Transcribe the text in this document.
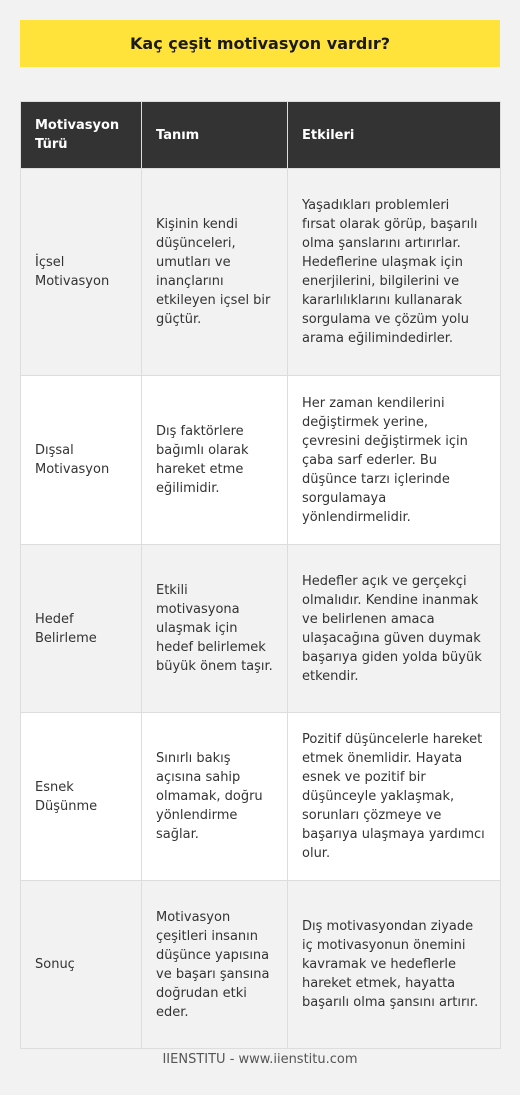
Kaç çeşit motivasyon vardır?
Motivasyon Türü	Tanım	Etkileri
İçsel Motivasyon	Kişinin kendi düşünceleri, umutları ve inançlarını etkileyen içsel bir güçtür.	Yaşadıkları problemleri fırsat olarak görüp, başarılı olma şanslarını artırırlar. Hedeflerine ulaşmak için enerjilerini, bilgilerini ve kararlılıklarını kullanarak sorgulama ve çözüm yolu arama eğilimindedirler.
Dışsal Motivasyon	Dış faktörlere bağımlı olarak hareket etme eğilimidir.	Her zaman kendilerini değiştirmek yerine, çevresini değiştirmek için çaba sarf ederler. Bu düşünce tarzı içlerinde sorgulamaya yönlendirmelidir.
Hedef Belirleme	Etkili motivasyona ulaşmak için hedef belirlemek büyük önem taşır.	Hedefler açık ve gerçekçi olmalıdır. Kendine inanmak ve belirlenen amaca ulaşacağına güven duymak başarıya giden yolda büyük etkendir.
Esnek Düşünme	Sınırlı bakış açısına sahip olmamak, doğru yönlendirme sağlar.	Pozitif düşüncelerle hareket etmek önemlidir. Hayata esnek ve pozitif bir düşünceyle yaklaşmak, sorunları çözmeye ve başarıya ulaşmaya yardımcı olur.
Sonuç	Motivasyon çeşitleri insanın düşünce yapısına ve başarı şansına doğrudan etki eder.	Dış motivasyondan ziyade iç motivasyonun önemini kavramak ve hedeflerle hareket etmek, hayatta başarılı olma şansını artırır.
IIENSTITU - www.iienstitu.com
